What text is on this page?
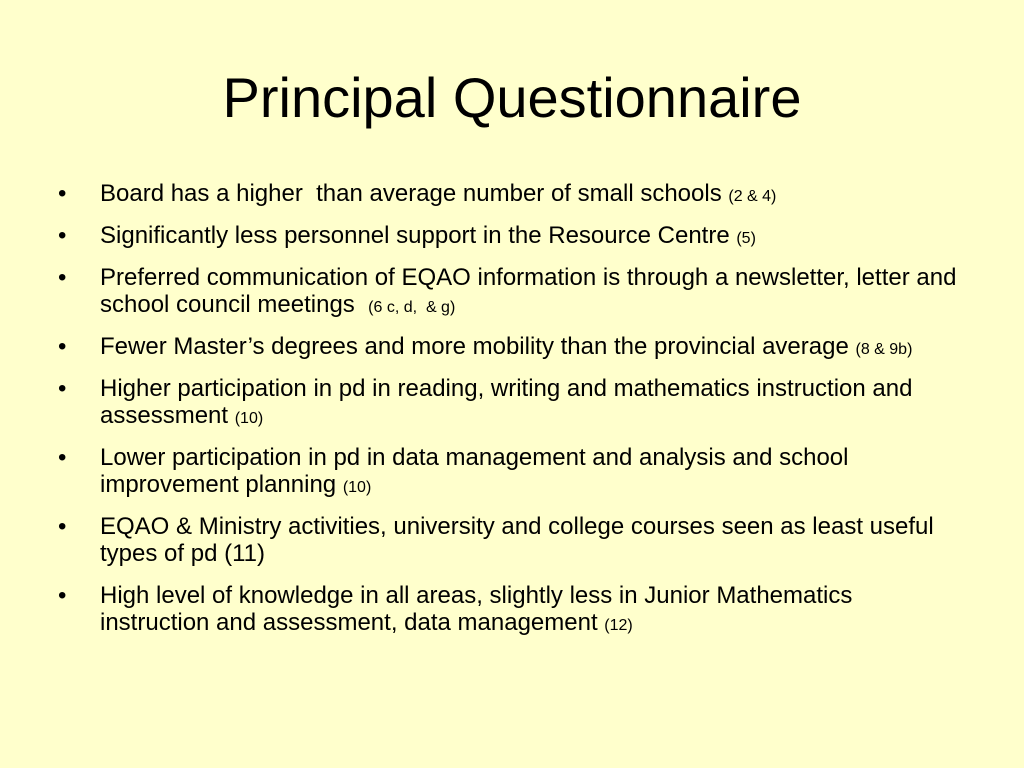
Principal Questionnaire
•	Board has a higher  than average number of small schools (2 & 4)
•	Significantly less personnel support in the Resource Centre (5)
•	Preferred communication of EQAO information is through a newsletter, letter and school council meetings  (6 c, d,  & g)
•	Fewer Master’s degrees and more mobility than the provincial average (8 & 9b)
•	Higher participation in pd in reading, writing and mathematics instruction and assessment (10)
•	Lower participation in pd in data management and analysis and school improvement planning (10)
•	EQAO & Ministry activities, university and college courses seen as least useful types of pd (11)
•	High level of knowledge in all areas, slightly less in Junior Mathematics instruction and assessment, data management (12)
